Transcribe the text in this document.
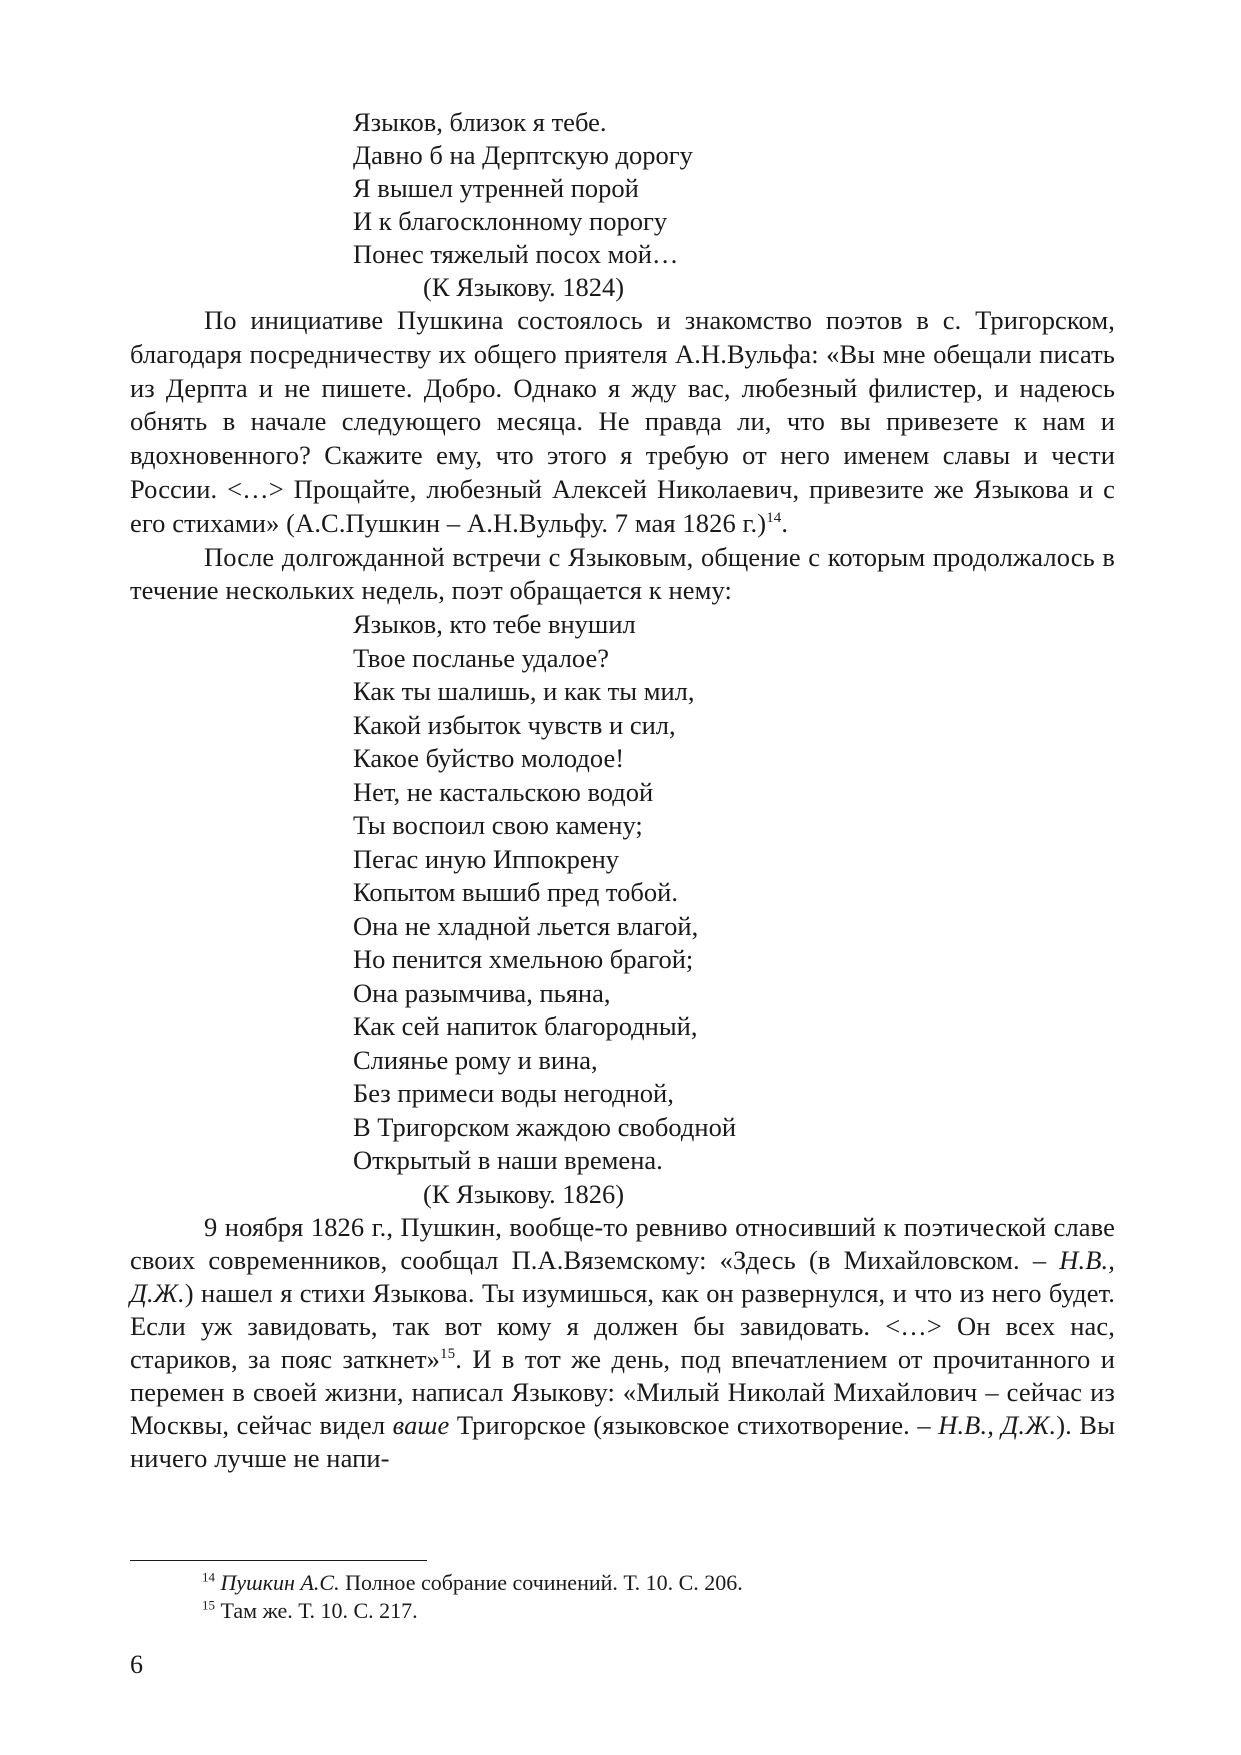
Языков, близок я тебе.
Давно б на Дерптскую дорогу
Я вышел утренней порой
И к благосклонному порогу
Понес тяжелый посох мой…
(К Языкову. 1824)

По инициативе Пушкина состоялось и знакомство поэтов в с. Тригорском, благодаря посредничеству их общего приятеля А.Н.Вульфа: «Вы мне обещали писать из Дерпта и не пишете. Добро. Однако я жду вас, любезный филистер, и надеюсь обнять в начале следующего месяца. Не правда ли, что вы привезете к нам и вдохновенного? Скажите ему, что этого я требую от него именем славы и чести России. <…> Прощайте, любезный Алексей Николаевич, привезите же Языкова и с его стихами» (А.С.Пушкин – А.Н.Вульфу. 7 мая 1826 г.)$^{14}$.

После долгожданной встречи с Языковым, общение с которым продолжалось в течение нескольких недель, поэт обращается к нему:

Языков, кто тебе внушил
Твое посланье удалое?
Как ты шалишь, и как ты мил,
Какой избыток чувств и сил,
Какое буйство молодое!
Нет, не кастальскою водой
Ты воспоил свою камену;
Пегас иную Иппокрену
Копытом вышиб пред тобой.
Она не хладной льется влагой,
Но пенится хмельною брагой;
Она разымчива, пьяна,
Как сей напиток благородный,
Слиянье рому и вина,
Без примеси воды негодной,
В Тригорском жаждою свободной
Открытый в наши времена.
(К Языкову. 1826)

9 ноября 1826 г., Пушкин, вообще-то ревниво относивший к поэтической славе своих современников, сообщал П.А.Вяземскому: «Здесь (в Михайловском. – Н.В., Д.Ж.) нашел я стихи Языкова. Ты изумишься, как он развернулся, и что из него будет. Если уж завидовать, так вот кому я должен бы завидовать. <…> Он всех нас, стариков, за пояс заткнет»$^{15}$. И в тот же день, под впечатлением от прочитанного и перемен в своей жизни, написал Языкову: «Милый Николай Михайлович – сейчас из Москвы, сейчас видел ваше Тригорское (языковское стихотворение. – Н.В., Д.Ж.). Вы ничего лучше не напи-

$^{14}$ Пушкин А.С. Полное собрание сочинений. Т. 10. С. 206.
$^{15}$ Там же. Т. 10. С. 217.
6
